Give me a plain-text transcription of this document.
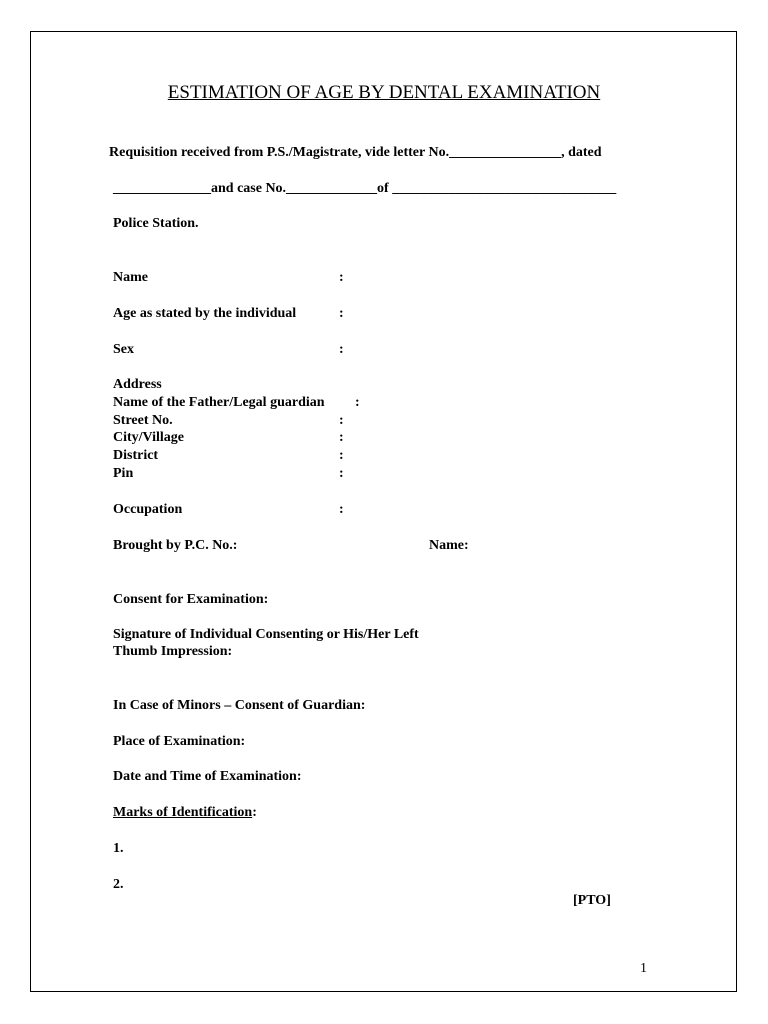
ESTIMATION OF AGE BY DENTAL EXAMINATION
Requisition received from P.S./Magistrate, vide letter No.________________, dated
______________and case No._____________of ________________________________
Police Station.
Name	:
Age as stated by the individual	:
Sex	:
Address
Name of the Father/Legal guardian :
Street No.	:
City/Village	:
District	:
Pin	:
Occupation	:
Brought by P.C. No.:	Name:
Consent for Examination:
Signature of Individual Consenting or His/Her Left
Thumb Impression:
In Case of Minors – Consent of Guardian:
Place of Examination:
Date and Time of Examination:
Marks of Identification:
1.
2.
[PTO]
1
